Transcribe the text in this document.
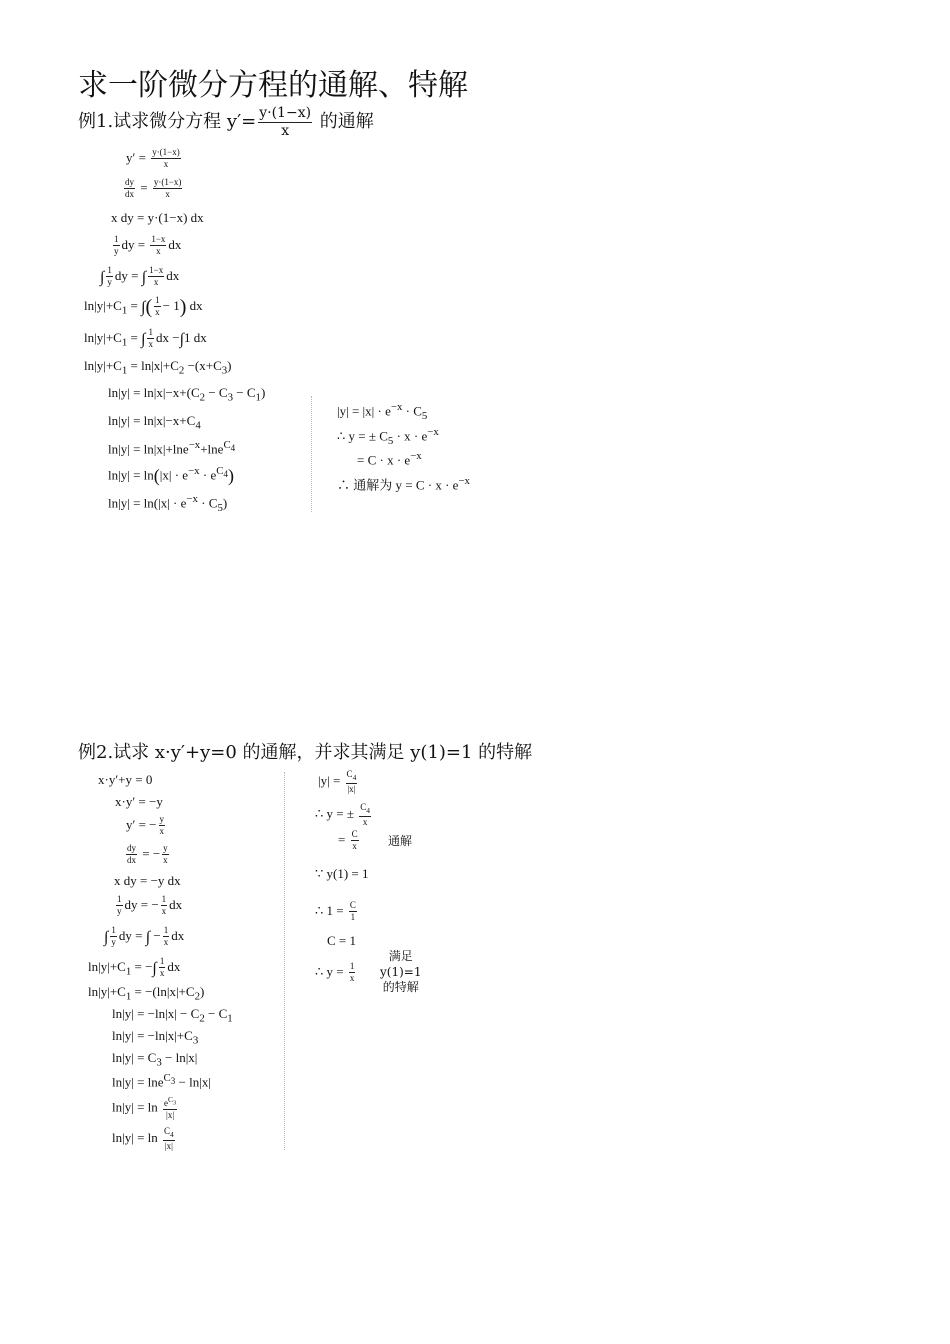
求一阶微分方程的通解、特解
例1.试求微分方程 $y'= \frac{y\cdot(1-x)}{x}$ 的通解
$y' = \frac{y\cdot(1-x)}{x}$
$\frac{dy}{dx} = \frac{y\cdot(1-x)}{x}$
x dy = y·(1−x) dx
$\frac{1}{y}$ dy = $\frac{1-x}{x}$ dx
∫ $\frac{1}{y}$ dy = ∫ $\frac{1-x}{x}$ dx
$\ln|y|+C_1$ = ∫( $\frac{1}{x} - 1$) dx
$\ln|y|+C_1$ = ∫ $\frac{1}{x}$ dx −∫1 dx
$\ln|y|+C_1 = \ln|x|+C_2 -(x+C_3)$
$\ln|y| = \ln|x|-x+(C_2 - C_3 - C_1)$
$\ln|y| = \ln|x|-x+C_4$
ln|y| = ln|x|+lne$^{-x}$+lne$^{C_4}$
$\ln|y| = \ln(|x| \cdot e^{-x} \cdot e^{C_4})$
$\ln|y| = \ln(|x| \cdot e^{-x} \cdot C_5)$
$|y| = |x| \cdot e^{-x} \cdot C_5$
∴ y = ± $C_5 \cdot x \cdot e^{-x}$
= $C \cdot x \cdot e^{-x}$
∴ 通解为 $y = C \cdot x \cdot e^{-x}$
例2.试求 x·y′+y=0 的通解，并求其满足 y(1)=1 的特解
x·y′+y = 0
x·y′ = −y
y′ = − $\frac{y}{x}$
$\frac{dy}{dx}$ = − $\frac{y}{x}$
x dy = −y dx
$\frac{1}{y}$ dy = − $\frac{1}{x}$ dx
∫ $\frac{1}{y}$ dy = ∫ − $\frac{1}{x}$ dx
$\ln|y|+C_1$ = −∫ $\frac{1}{x}$ dx
$\ln|y|+C_1 = -(\ln|x|+C_2)$
$\ln|y| = -\ln|x| - C_2 - C_1$
$\ln|y| = -\ln|x|+C_3$
$\ln|y| = C_3 - \ln|x|$
ln|y| = lne$^{C_3}$ − ln|x|
$\ln|y| = \ln \frac{e^{C_3}}{|x|}$
$\ln|y| = \ln \frac{C_4}{|x|}$
$|y| = \frac{C_4}{|x|}$
∴ y = ± $\frac{C_4}{x}$
= $\frac{C}{x}$ 通解
∵ y(1) = 1
∴ $1 = \frac{C}{1}$
C = 1
∴ $y = \frac{1}{x}$
满足
y(1)=1
的特解
